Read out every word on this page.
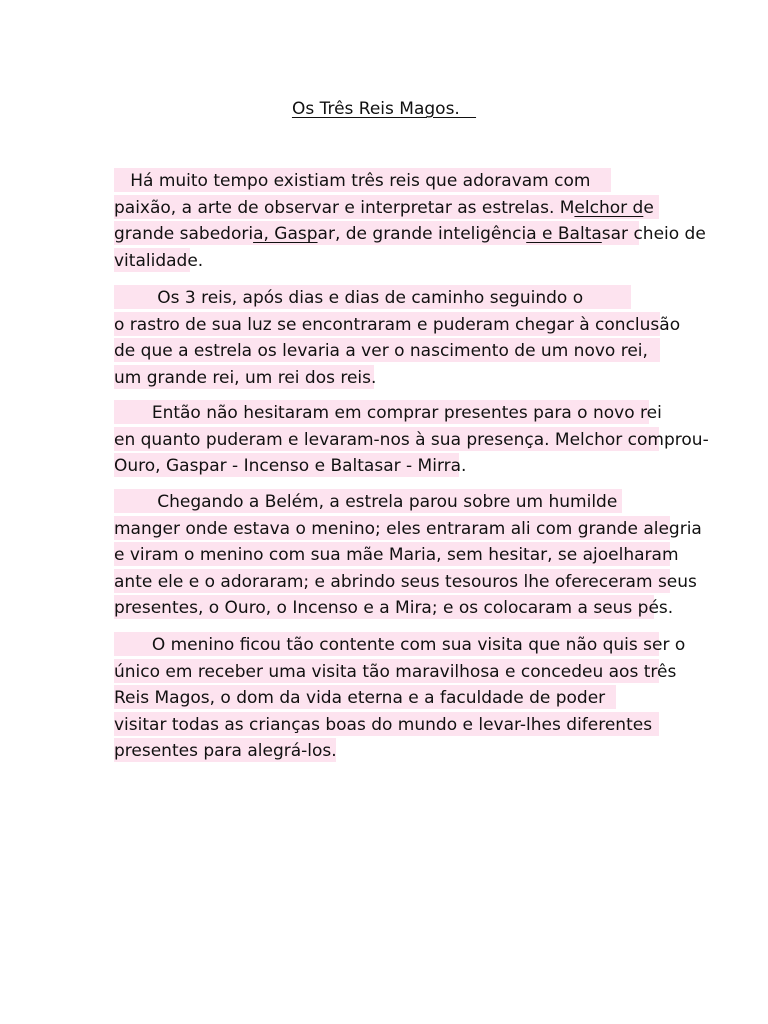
Os Três Reis Magos.
Há muito tempo existiam três reis que adoravam com
paixão, a arte de observar e interpretar as estrelas. Melchor de
grande sabedoria, Gaspar, de grande inteligência e Baltasar cheio de
vitalidade.
Os 3 reis, após dias e dias de caminho seguindo o
o rastro de sua luz se encontraram e puderam chegar à conclusão
de que a estrela os levaria a ver o nascimento de um novo rei,
um grande rei, um rei dos reis.
Então não hesitaram em comprar presentes para o novo rei
en quanto puderam e levaram-nos à sua presença. Melchor comprou-
Ouro, Gaspar - Incenso e Baltasar - Mirra.
Chegando a Belém, a estrela parou sobre um humilde
manger onde estava o menino; eles entraram ali com grande alegria
e viram o menino com sua mãe Maria, sem hesitar, se ajoelharam
ante ele e o adoraram; e abrindo seus tesouros lhe ofereceram seus
presentes, o Ouro, o Incenso e a Mira; e os colocaram a seus pés.
O menino ficou tão contente com sua visita que não quis ser o
único em receber uma visita tão maravilhosa e concedeu aos três
Reis Magos, o dom da vida eterna e a faculdade de poder
visitar todas as crianças boas do mundo e levar-lhes diferentes
presentes para alegrá-los.
